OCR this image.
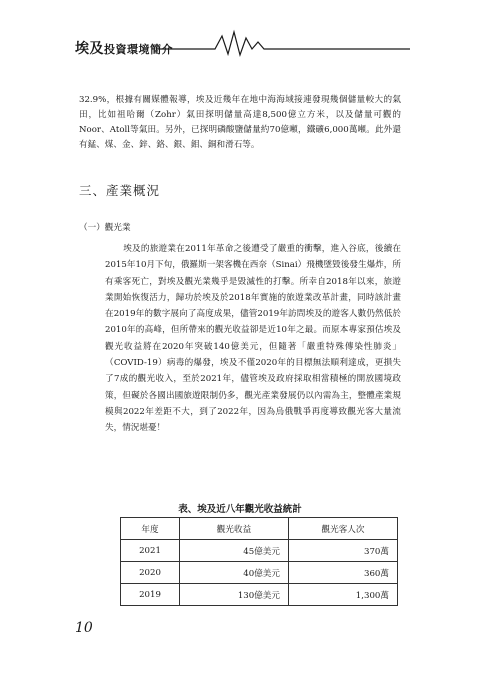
埃及投資環境簡介
32.9%，根據有關媒體報導，埃及近幾年在地中海海域接連發現幾個儲量較大的氣田，比如祖哈爾（Zohr）氣田探明儲量高達8,500億立方米，以及儲量可觀的Noor、Atoll等氣田。另外，已探明磷酸鹽儲量約70億噸，鐵礦6,000萬噸。此外還有錳、煤、金、鋅、鉻、銀、鉬、銅和滑石等。
三、產業概況
（一）觀光業
埃及的旅遊業在2011年革命之後遭受了嚴重的衝擊，進入谷底，後續在2015年10月下旬，俄羅斯一架客機在西奈（Sinai）飛機墜毀後發生爆炸，所有乘客死亡，對埃及觀光業幾乎是毀滅性的打擊。所幸自2018年以來，旅遊業開始恢復活力，歸功於埃及於2018年實施的旅遊業改革計畫，同時該計畫在2019年的數字展向了高度成果，儘管2019年訪問埃及的遊客人數仍然低於2010年的高峰，但所帶來的觀光收益卻是近10年之最。而原本專家預估埃及觀光收益將在2020年突破140億美元，但隨著「嚴重特殊傳染性肺炎」（COVID-19）病毒的爆發，埃及不僅2020年的目標無法順利達成，更損失了7成的觀光收入，至於2021年，儘管埃及政府採取相當積極的開放國境政策，但礙於各國出國旅遊限制仍多，觀光產業發展仍以內需為主，整體產業規模與2022年差距不大，到了2022年，因為烏俄戰爭再度導致觀光客大量流失，情況堪憂！
表、埃及近八年觀光收益統計
年度	觀光收益	觀光客人次
2021	45億美元	370萬
2020	40億美元	360萬
2019	130億美元	1,300萬
10
